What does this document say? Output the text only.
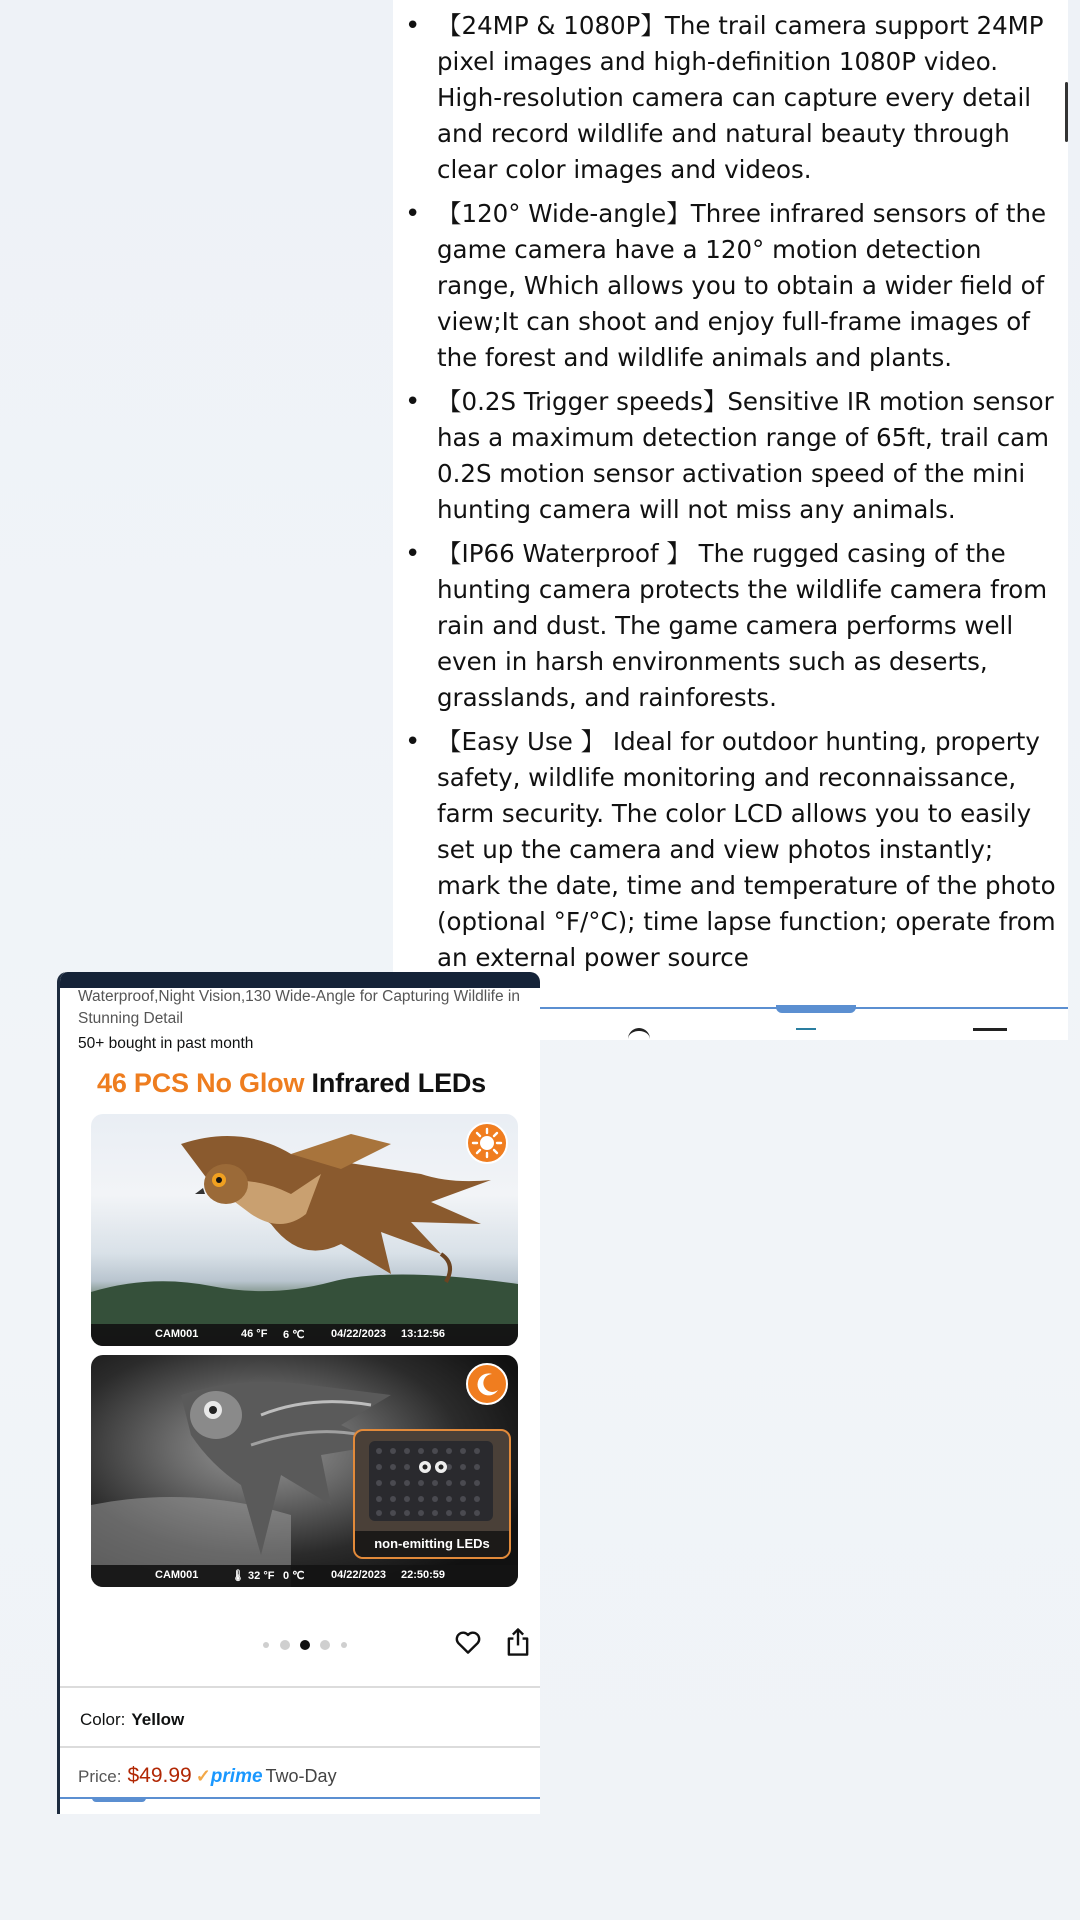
• 【24MP & 1080P】The trail camera support 24MP pixel images and high-definition 1080P video. High-resolution camera can capture every detail and record wildlife and natural beauty through clear color images and videos.
• 【120° Wide-angle】Three infrared sensors of the game camera have a 120° motion detection range, Which allows you to obtain a wider field of view;It can shoot and enjoy full-frame images of the forest and wildlife animals and plants.
• 【0.2S Trigger speeds】Sensitive IR motion sensor has a maximum detection range of 65ft, trail cam 0.2S motion sensor activation speed of the mini hunting camera will not miss any animals.
• 【IP66 Waterproof 】 The rugged casing of the hunting camera protects the wildlife camera from rain and dust. The game camera performs well even in harsh environments such as deserts, grasslands, and rainforests.
• 【Easy Use 】 Ideal for outdoor hunting, property safety, wildlife monitoring and reconnaissance, farm security. The color LCD allows you to easily set up the camera and view photos instantly; mark the date, time and temperature of the photo (optional °F/°C); time lapse function; operate from an external power source
Waterproof,Night Vision,130 Wide-Angle for Capturing Wildlife in Stunning Detail
50+ bought in past month
46 PCS No Glow Infrared LEDs
CAM001	46 °F 6 ℃ 04/22/2023 13:12:56
non-emitting LEDs
CAM001	🌡 32 °F 0 ℃ 04/22/2023 22:50:59
Color: Yellow
Price: $49.99 ✓prime Two-Day
